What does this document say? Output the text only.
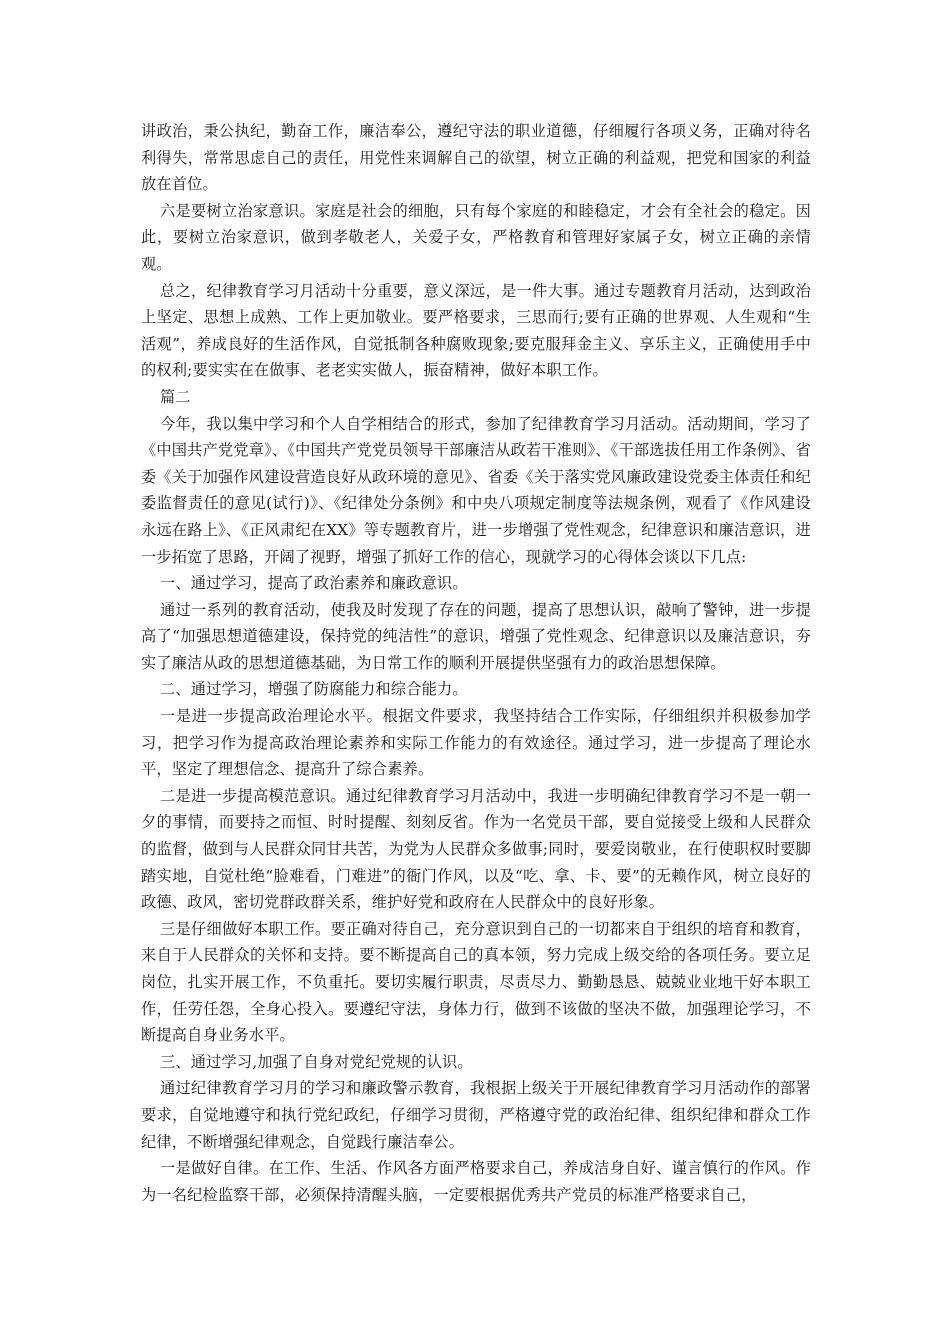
讲政治，秉公执纪，勤奋工作，廉洁奉公，遵纪守法的职业道德，仔细履行各项义务，正确对待名利得失，常常思虑自己的责任，用党性来调解自己的欲望，树立正确的利益观，把党和国家的利益放在首位。

六是要树立治家意识。家庭是社会的细胞，只有每个家庭的和睦稳定，才会有全社会的稳定。因此，要树立治家意识，做到孝敬老人，关爱子女，严格教育和管理好家属子女，树立正确的亲情观。

总之，纪律教育学习月活动十分重要，意义深远，是一件大事。通过专题教育月活动，达到政治上坚定、思想上成熟、工作上更加敬业。要严格要求，三思而行;要有正确的世界观、人生观和“生活观”，养成良好的生活作风，自觉抵制各种腐败现象;要克服拜金主义、享乐主义，正确使用手中的权利;要实实在在做事、老老实实做人，振奋精神，做好本职工作。

篇二

今年，我以集中学习和个人自学相结合的形式，参加了纪律教育学习月活动。活动期间，学习了《中国共产党党章》、《中国共产党党员领导干部廉洁从政若干准则》、《干部选拔任用工作条例》、省委《关于加强作风建设营造良好从政环境的意见》、省委《关于落实党风廉政建设党委主体责任和纪委监督责任的意见(试行)》、《纪律处分条例》和中央八项规定制度等法规条例，观看了《作风建设永远在路上》、《正风肃纪在XX》等专题教育片，进一步增强了党性观念，纪律意识和廉洁意识，进一步拓宽了思路，开阔了视野，增强了抓好工作的信心，现就学习的心得体会谈以下几点:

一、通过学习，提高了政治素养和廉政意识。

通过一系列的教育活动，使我及时发现了存在的问题，提高了思想认识，敲响了警钟，进一步提高了“加强思想道德建设，保持党的纯洁性”的意识，增强了党性观念、纪律意识以及廉洁意识，夯实了廉洁从政的思想道德基础，为日常工作的顺利开展提供坚强有力的政治思想保障。

二、通过学习，增强了防腐能力和综合能力。

一是进一步提高政治理论水平。根据文件要求，我坚持结合工作实际，仔细组织并积极参加学习，把学习作为提高政治理论素养和实际工作能力的有效途径。通过学习，进一步提高了理论水平，坚定了理想信念、提高升了综合素养。

二是进一步提高模范意识。通过纪律教育学习月活动中，我进一步明确纪律教育学习不是一朝一夕的事情，而要持之而恒、时时提醒、刻刻反省。作为一名党员干部，要自觉接受上级和人民群众的监督，做到与人民群众同甘共苦，为党为人民群众多做事;同时，要爱岗敬业，在行使职权时要脚踏实地，自觉杜绝“脸难看，门难进”的衙门作风，以及“吃、拿、卡、要”的无赖作风，树立良好的政德、政风，密切党群政群关系，维护好党和政府在人民群众中的良好形象。

三是仔细做好本职工作。要正确对待自己，充分意识到自己的一切都来自于组织的培育和教育，来自于人民群众的关怀和支持。要不断提高自己的真本领，努力完成上级交给的各项任务。要立足岗位，扎实开展工作，不负重托。要切实履行职责，尽责尽力、勤勤恳恳、兢兢业业地干好本职工作，任劳任怨，全身心投入。要遵纪守法，身体力行，做到不该做的坚决不做，加强理论学习，不断提高自身业务水平。

三、通过学习,加强了自身对党纪党规的认识。

通过纪律教育学习月的学习和廉政警示教育，我根据上级关于开展纪律教育学习月活动作的部署要求，自觉地遵守和执行党纪政纪，仔细学习贯彻，严格遵守党的政治纪律、组织纪律和群众工作纪律，不断增强纪律观念，自觉践行廉洁奉公。

一是做好自律。在工作、生活、作风各方面严格要求自己，养成洁身自好、谨言慎行的作风。作为一名纪检监察干部，必须保持清醒头脑，一定要根据优秀共产党员的标准严格要求自己，
